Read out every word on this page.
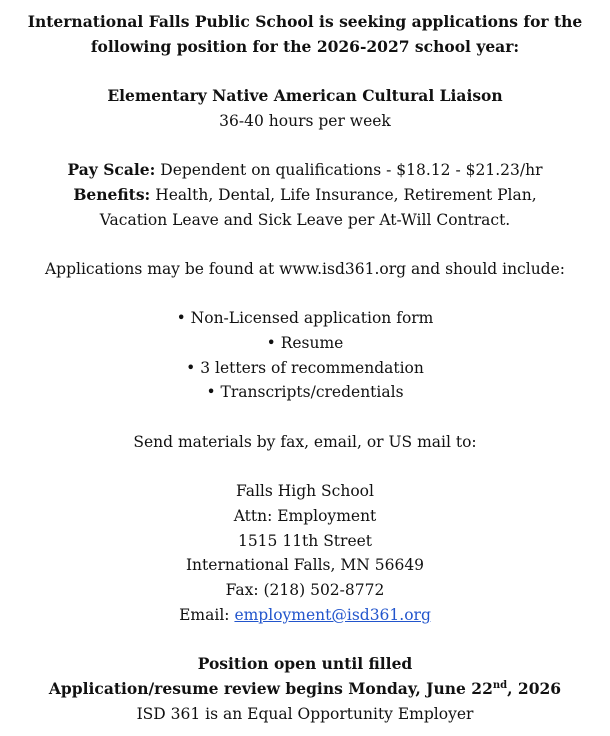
International Falls Public School is seeking applications for the
following position for the 2026-2027 school year:
Elementary Native American Cultural Liaison
36-40 hours per week
Pay Scale: Dependent on qualifications - $18.12 - $21.23/hr
Benefits: Health, Dental, Life Insurance, Retirement Plan,
Vacation Leave and Sick Leave per At-Will Contract.
Applications may be found at www.isd361.org and should include:
• Non-Licensed application form
• Resume
• 3 letters of recommendation
• Transcripts/credentials
Send materials by fax, email, or US mail to:
Falls High School
Attn: Employment
1515 11th Street
International Falls, MN 56649
Fax: (218) 502-8772
Email: employment@isd361.org
Position open until filled
Application/resume review begins Monday, June 22nd, 2026
ISD 361 is an Equal Opportunity Employer
